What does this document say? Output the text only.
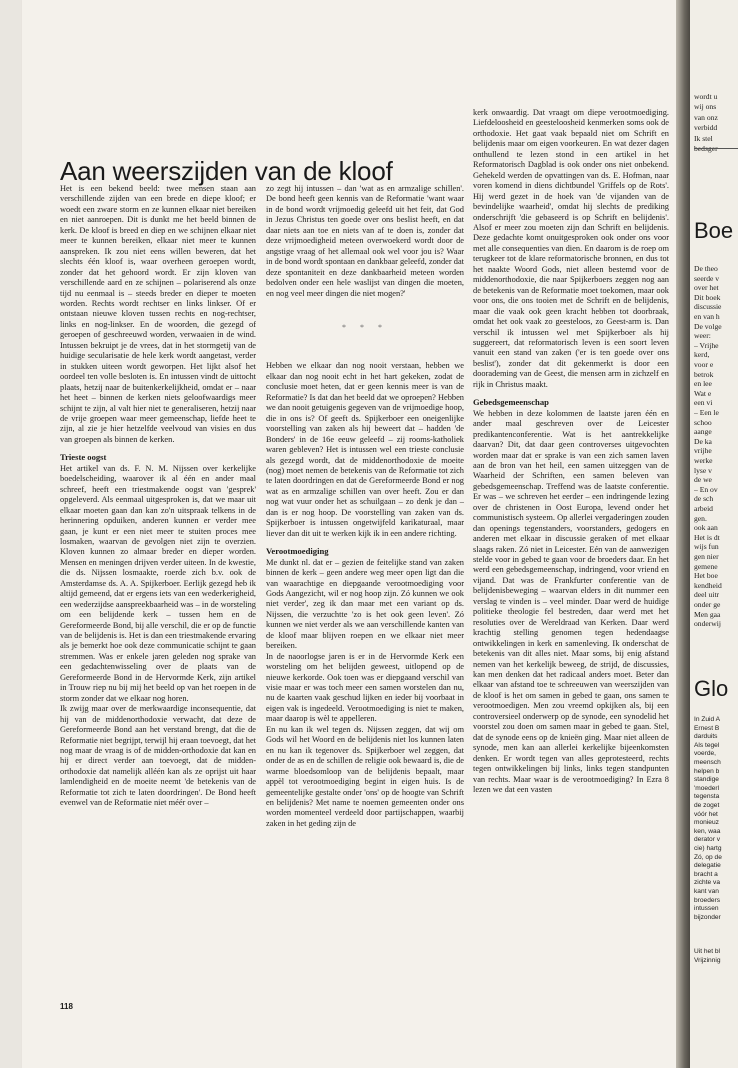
Aan weerszijden van de kloof

Het is een bekend beeld: twee mensen staan aan verschillende zijden van een brede en diepe kloof; er woedt een zware storm en ze kunnen elkaar niet bereiken en niet aanroepen. Dit is dunkt me het beeld binnen de kerk. De kloof is breed en diep en we schijnen elkaar niet meer te kunnen bereiken, elkaar niet meer te kunnen aanspreken. Ik zou niet eens willen beweren, dat het slechts één kloof is, waar overheen geroepen wordt, zonder dat het gehoord wordt. Er zijn kloven van verschillende aard en ze schijnen – polariserend als onze tijd nu eenmaal is – steeds breder en dieper te moeten worden. Rechts wordt rechtser en links linkser. Of er ontstaan nieuwe kloven tussen rechts en nog-rechtser, links en nog-linkser. En de woorden, die gezegd of geroepen of geschreeuwd worden, verwaaien in de wind. Intussen bekruipt je de vrees, dat in het stormgetij van de huidige secularisatie de hele kerk wordt aangetast, verder in stukken uiteen wordt geworpen. Het lijkt alsof het oordeel ten volle besloten is. En intussen vindt de uittocht plaats, hetzij naar de buitenkerkelijkheid, omdat er – naar het heet – binnen de kerken niets geloofwaardigs meer schijnt te zijn, al valt hier niet te generaliseren, hetzij naar de vrije groepen waar meer gemeenschap, liefde heet te zijn, al zie je hier hetzelfde veelvoud van visies en dus van groepen als binnen de kerken.

Trieste oogst

Het artikel van ds. F. N. M. Nijssen over kerkelijke boedelscheiding, waarover ik al één en ander maal schreef, heeft een triestmakende oogst van 'gesprek' opgeleverd. Als eenmaal uitgesproken is, dat we maar uit elkaar moeten gaan dan kan zo'n uitspraak telkens in de herinnering opduiken, anderen kunnen er verder mee gaan, je kunt er een niet meer te stuiten proces mee losmaken, waarvan de gevolgen niet zijn te overzien. Kloven kunnen zo almaar breder en dieper worden. Mensen en meningen drijven verder uiteen. In de kwestie, die ds. Nijssen losmaakte, roerde zich b.v. ook de Amsterdamse ds. A. A. Spijkerboer. Eerlijk gezegd heb ik altijd gemeend, dat er ergens iets van een wederkerigheid, een wederzijdse aanspreekbaarheid was – in de worsteling om een belijdende kerk – tussen hem en de Gereformeerde Bond, bij alle verschil, die er op de functie van de belijdenis is. Het is dan een triestmakende ervaring als je bemerkt hoe ook deze communicatie schijnt te gaan stremmen. Was er enkele jaren geleden nog sprake van een gedachtenwisseling over de plaats van de Gereformeerde Bond in de Hervormde Kerk, zijn artikel in Trouw riep nu bij mij het beeld op van het roepen in de storm zonder dat we elkaar nog horen.

Ik zwijg maar over de merkwaardige inconsequentie, dat hij van de middenorthodoxie verwacht, dat deze de Gereformeerde Bond aan het verstand brengt, dat die de Reformatie niet begrijpt, terwijl hij eraan toevoegt, dat het nog maar de vraag is of de midden-orthodoxie dat kan en hij er direct verder aan toevoegt, dat de midden-orthodoxie dat namelijk alléén kan als ze oprijst uit haar lamlendigheid en de moeite neemt 'de betekenis van de Reformatie tot zich te laten doordringen'. De Bond heeft evenwel van de Reformatie niet méér over –

zo zegt hij intussen – dan 'wat as en armzalige schillen'. De bond heeft geen kennis van de Reformatie 'want waar in de bond wordt vrijmoedig geleefd uit het feit, dat God in Jezus Christus ten goede over ons beslist heeft, en dat daar niets aan toe en niets van af te doen is, zonder dat deze vrijmoedigheid meteen overwoekerd wordt door de angstige vraag of het allemaal ook wel voor jou is? Waar in de bond wordt spontaan en dankbaar geleefd, zonder dat deze spontaniteit en deze dankbaarheid meteen worden bedolven onder een hele waslijst van dingen die moeten, en nog veel meer dingen die niet mogen?'

* * *

Hebben we elkaar dan nog nooit verstaan, hebben we elkaar dan nog nooit echt in het hart gekeken, zodat de conclusie moet heten, dat er geen kennis meer is van de Reformatie? Is dat dan het beeld dat we oproepen? Hebben we dan nooit getuigenis gegeven van de vrijmoedige hoop, die in ons is? Of geeft ds. Spijkerboer een oneigenlijke voorstelling van zaken als hij beweert dat – hadden 'de Bonders' in de 16e eeuw geleefd – zij rooms-katholiek waren gebleven? Het is intussen wel een trieste conclusie als gezegd wordt, dat de middenorthodoxie de moeite (nog) moet nemen de betekenis van de Reformatie tot zich te laten doordringen en dat de Gereformeerde Bond er nog wat as en armzalige schillen van over heeft. Zou er dan nog wat vuur onder het as schuilgaan – zo denk je dan – dan is er nog hoop. De voorstelling van zaken van ds. Spijkerboer is intussen ongetwijfeld karikaturaal, maar liever dan dit uit te werken kijk ik in een andere richting.

Verootmoediging

Me dunkt nl. dat er – gezien de feitelijke stand van zaken binnen de kerk – geen andere weg meer open ligt dan die van waarachtige en diepgaande verootmoediging voor Gods Aangezicht, wil er nog hoop zijn. Zó kunnen we ook niet verder', zeg ik dan maar met een variant op ds. Nijssen, die verzuchtte 'zo is het ook geen leven'. Zó kunnen we niet verder als we aan verschillende kanten van de kloof maar blijven roepen en we elkaar niet meer bereiken.

In de naoorlogse jaren is er in de Hervormde Kerk een worsteling om het belijden geweest, uitlopend op de nieuwe kerkorde. Ook toen was er diepgaand verschil van visie maar er was toch meer een samen worstelen dan nu, nu de kaarten vaak geschud lijken en ieder bij voorbaat in eigen vak is ingedeeld. Verootmoediging is niet te maken, maar daarop is wèl te appelleren.

En nu kan ik wel tegen ds. Nijssen zeggen, dat wij om Gods wil het Woord en de belijdenis niet los kunnen laten en nu kan ik tegenover ds. Spijkerboer wel zeggen, dat onder de as en de schillen de religie ook bewaard is, die de warme bloedsomloop van de belijdenis bepaalt, maar appèl tot verootmoediging begint in eigen huis. Is de gemeentelijke gestalte onder 'ons' op de hoogte van Schrift en belijdenis? Met name te noemen gemeenten onder ons worden momenteel verdeeld door partijschappen, waarbij zaken in het geding zijn de

kerk onwaardig. Dat vraagt om diepe verootmoediging. Liefdeloosheid en geesteloosheid kenmerken soms ook de orthodoxie. Het gaat vaak bepaald niet om Schrift en belijdenis maar om eigen voorkeuren. En wat dezer dagen onthullend te lezen stond in een artikel in het Reformatorisch Dagblad is ook onder ons niet onbekend. Gehekeld werden de opvattingen van ds. E. Hofman, naar voren komend in diens dichtbundel 'Griffels op de Rots'. Hij werd gezet in de hoek van 'de vijanden van de bevindelijke waarheid', omdat hij slechts de prediking onderschrijft 'die gebaseerd is op Schrift en belijdenis'. Alsof er meer zou moeten zijn dan Schrift en belijdenis. Deze gedachte komt onuitgesproken ook onder ons voor met alle consequenties van dien. En daarom is de roep om terugkeer tot de klare reformatorische bronnen, en dus tot het naakte Woord Gods, niet alleen bestemd voor de middenorthodoxie, die naar Spijkerboers zeggen nog aan de betekenis van de Reformatie moet toekomen, maar ook voor ons, die ons tooien met de Schrift en de belijdenis, maar die vaak ook geen kracht hebben tot doorbraak, omdat het ook vaak zo geesteloos, zo Geest-arm is. Dan verschil ik intussen wel met Spijkerboer als hij suggereert, dat reformatorisch leven is een soort leven vanuit een stand van zaken ('er is ten goede over ons beslist'), zonder dat dit gekenmerkt is door een doorademing van de Geest, die mensen arm in zichzelf en rijk in Christus maakt.

Gebedsgemeenschap

We hebben in deze kolommen de laatste jaren één en ander maal geschreven over de Leicester predikantenconferentie. Wat is het aantrekkelijke daarvan? Dit, dat daar geen controverses uitgevochten worden maar dat er sprake is van een zich samen laven aan de bron van het heil, een samen uitzeggen van de Waarheid der Schriften, een samen beleven van gebedsgemeenschap. Treffend was de laatste conferentie. Er was – we schreven het eerder – een indringende lezing over de christenen in Oost Europa, levend onder het communistisch systeem. Op allerlei vergaderingen zouden dan openings tegenstanders, voorstanders, gedogers en anderen met elkaar in discussie geraken of met elkaar slaags raken. Zó niet in Leicester. Eén van de aanwezigen stelde voor in gebed te gaan voor de broeders daar. En het werd een gebedsgemeenschap, indringend, voor vriend en vijand. Dat was de Frankfurter conferentie van de belijdenisbeweging – waarvan elders in dit nummer een verslag te vinden is – veel minder. Daar werd de huidige politieke theologie fel bestreden, daar werd met het resoluties over de Wereldraad van Kerken. Daar werd krachtig stelling genomen tegen hedendaagse ontwikkelingen in kerk en samenleving. Ik onderschat de betekenis van dit alles niet. Maar soms, bij enig afstand nemen van het kerkelijk beweeg, de strijd, de discussies, kan men denken dat het radicaal anders moet. Beter dan elkaar van afstand toe te schreeuwen van weerszijden van de kloof is het om samen in gebed te gaan, ons samen te verootmoedigen. Men zou vreemd opkijken als, bij een controversieel onderwerp op de synode, een synodelid het voorstel zou doen om samen maar in gebed te gaan. Stel, dat de synode eens op de knieën ging. Maar niet alleen de synode, men kan aan allerlei kerkelijke bijeenkomsten denken. Er wordt tegen van alles geprotesteerd, rechts tegen ontwikkelingen bij links, links tegen standpunten van rechts. Maar waar is de verootmoediging? In Ezra 8 lezen we dat een vasten

118
wordt u
wij ons
van onz
verbidd
Ik stel
Boe
De theo
seerde v
over het
Dit boek
discussie
en van h
De volge
weer:
– Vrijhe
kerd,
voor e
betrok
en lee
Wat e
een vi
– Een le
schoo
aange
De ka
vrijhe
werke
lyse v
de we
– En ov
de sch
arbeid
gen.
ook aan
Het is dt
wijs fun
gen nier
gemene
Het boe
kendheid
deel uitr
onder ge
Men gaa
onderwij
Glo
In Zuid A
Ernest B
darduits
Als tegel
voerde,
meensch
helpen b
standige
'moederl
tegensta
de zoget
vóór het
monieuz
ken, waa
derator v
cie) hartg
Zó, op de
delegatie
bracht a
zichte va
kant van
broeders
intussen
bijzonder
Uit het bl
Vrijzinnig
